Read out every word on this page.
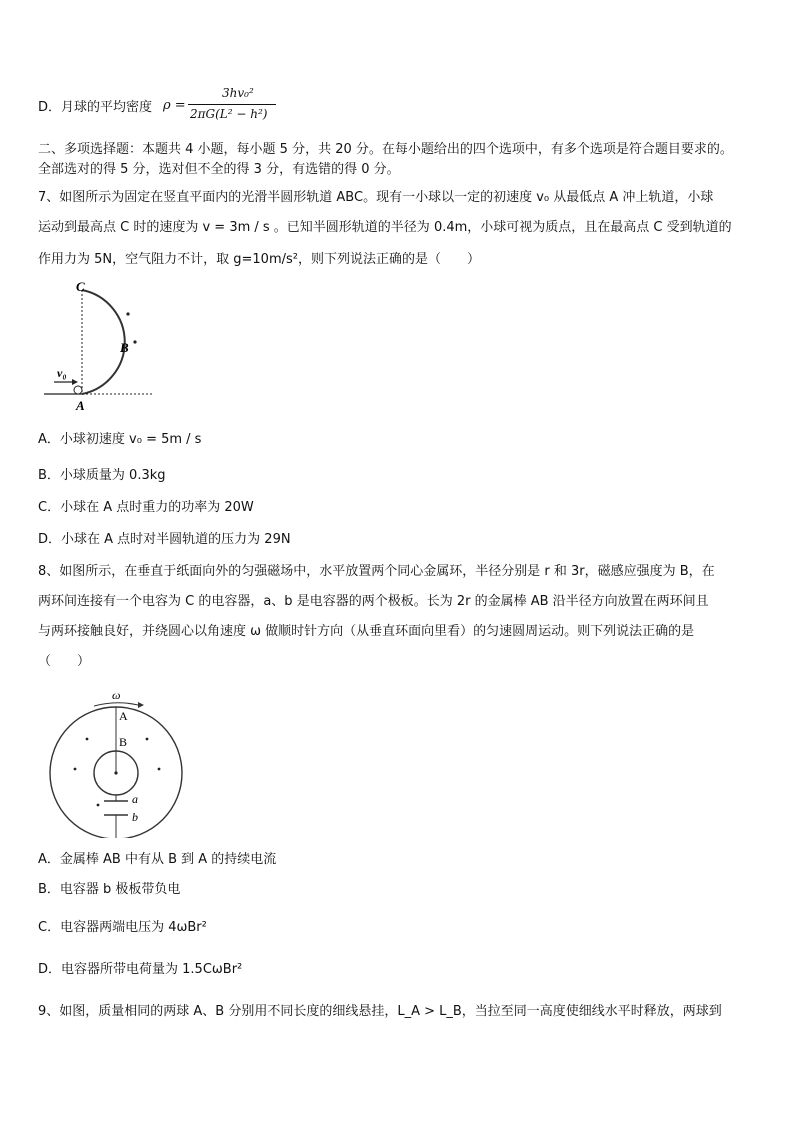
D．月球的平均密度 ρ =
3hv₀²
2πG(L² − h²)
二、多项选择题：本题共 4 小题，每小题 5 分，共 20 分。在每小题给出的四个选项中，有多个选项是符合题目要求的。
全部选对的得 5 分，选对但不全的得 3 分，有选错的得 0 分。
7、如图所示为固定在竖直平面内的光滑半圆形轨道 ABC。现有一小球以一定的初速度 v₀ 从最低点 A 冲上轨道，小球
运动到最高点 C 时的速度为 v = 3m / s 。已知半圆形轨道的半径为 0.4m，小球可视为质点，且在最高点 C 受到轨道的
作用力为 5N，空气阻力不计，取 g=10m/s²，则下列说法正确的是（　　）
C
B
A
v₀
A．小球初速度 v₀ = 5m / s
B．小球质量为 0.3kg
C．小球在 A 点时重力的功率为 20W
D．小球在 A 点时对半圆轨道的压力为 29N
8、如图所示，在垂直于纸面向外的匀强磁场中，水平放置两个同心金属环，半径分别是 r 和 3r，磁感应强度为 B，在
两环间连接有一个电容为 C 的电容器，a、b 是电容器的两个极板。长为 2r 的金属棒 AB 沿半径方向放置在两环间且
与两环接触良好，并绕圆心以角速度 ω 做顺时针方向（从垂直环面向里看）的匀速圆周运动。则下列说法正确的是
（　　）
ω
A
B
a
b
A．金属棒 AB 中有从 B 到 A 的持续电流
B．电容器 b 极板带负电
C．电容器两端电压为 4ωBr²
D．电容器所带电荷量为 1.5CωBr²
9、如图，质量相同的两球 A、B 分别用不同长度的细线悬挂，L_A > L_B，当拉至同一高度使细线水平时释放，两球到
